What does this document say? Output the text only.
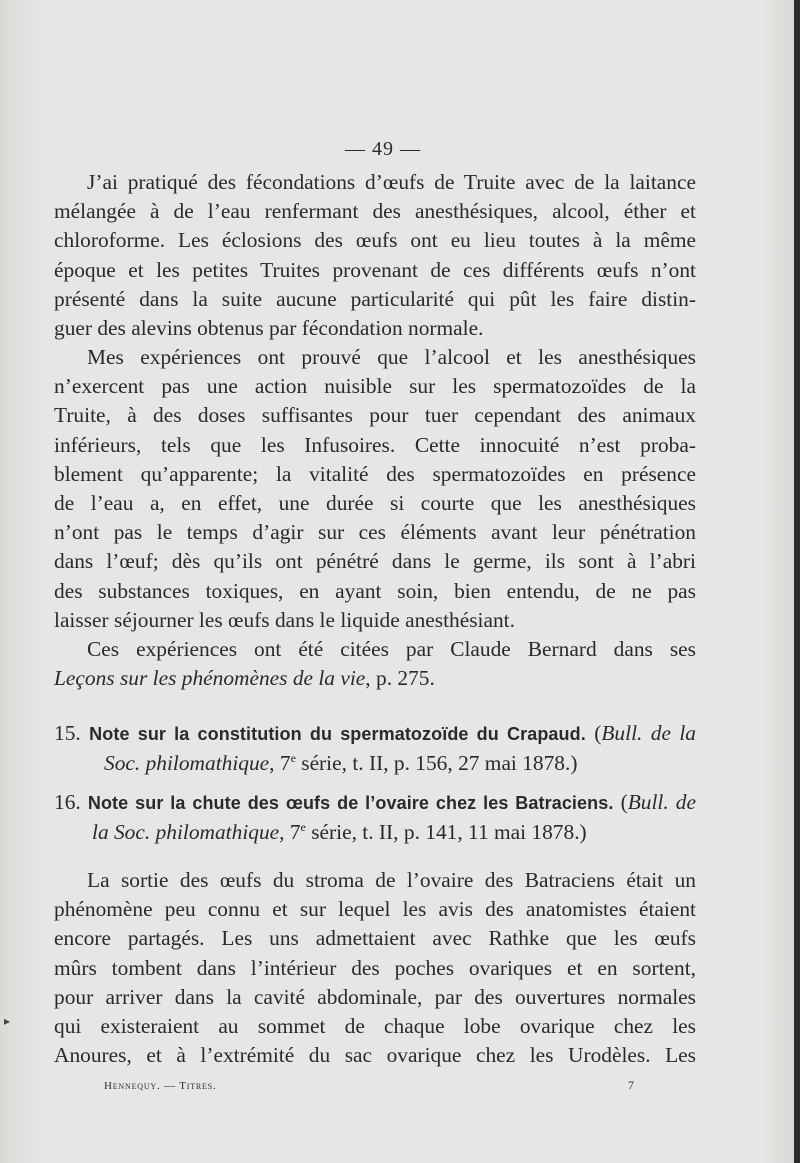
— 49 —
J’ai pratiqué des fécondations d’œufs de Truite avec de la laitance
mélangée à de l’eau renfermant des anesthésiques, alcool, éther et
chloroforme. Les éclosions des œufs ont eu lieu toutes à la même
époque et les petites Truites provenant de ces différents œufs n’ont
présenté dans la suite aucune particularité qui pût les faire distin-
guer des alevins obtenus par fécondation normale.
Mes expériences ont prouvé que l’alcool et les anesthésiques
n’exercent pas une action nuisible sur les spermatozoïdes de la
Truite, à des doses suffisantes pour tuer cependant des animaux
inférieurs, tels que les Infusoires. Cette innocuité n’est proba-
blement qu’apparente; la vitalité des spermatozoïdes en présence
de l’eau a, en effet, une durée si courte que les anesthésiques
n’ont pas le temps d’agir sur ces éléments avant leur pénétration
dans l’œuf; dès qu’ils ont pénétré dans le germe, ils sont à l’abri
des substances toxiques, en ayant soin, bien entendu, de ne pas
laisser séjourner les œufs dans le liquide anesthésiant.
Ces expériences ont été citées par Claude Bernard dans ses
Leçons sur les phénomènes de la vie, p. 275.
15. Note sur la constitution du spermatozoïde du Crapaud. (Bull. de la
Soc. philomathique, 7e série, t. II, p. 156, 27 mai 1878.)
16. Note sur la chute des œufs de l’ovaire chez les Batraciens. (Bull. de
la Soc. philomathique, 7e série, t. II, p. 141, 11 mai 1878.)
La sortie des œufs du stroma de l’ovaire des Batraciens était un
phénomène peu connu et sur lequel les avis des anatomistes étaient
encore partagés. Les uns admettaient avec Rathke que les œufs
mûrs tombent dans l’intérieur des poches ovariques et en sortent,
pour arriver dans la cavité abdominale, par des ouvertures normales
qui existeraient au sommet de chaque lobe ovarique chez les
Anoures, et à l’extrémité du sac ovarique chez les Urodèles. Les
▸
Hennequy. — Titres.	7
